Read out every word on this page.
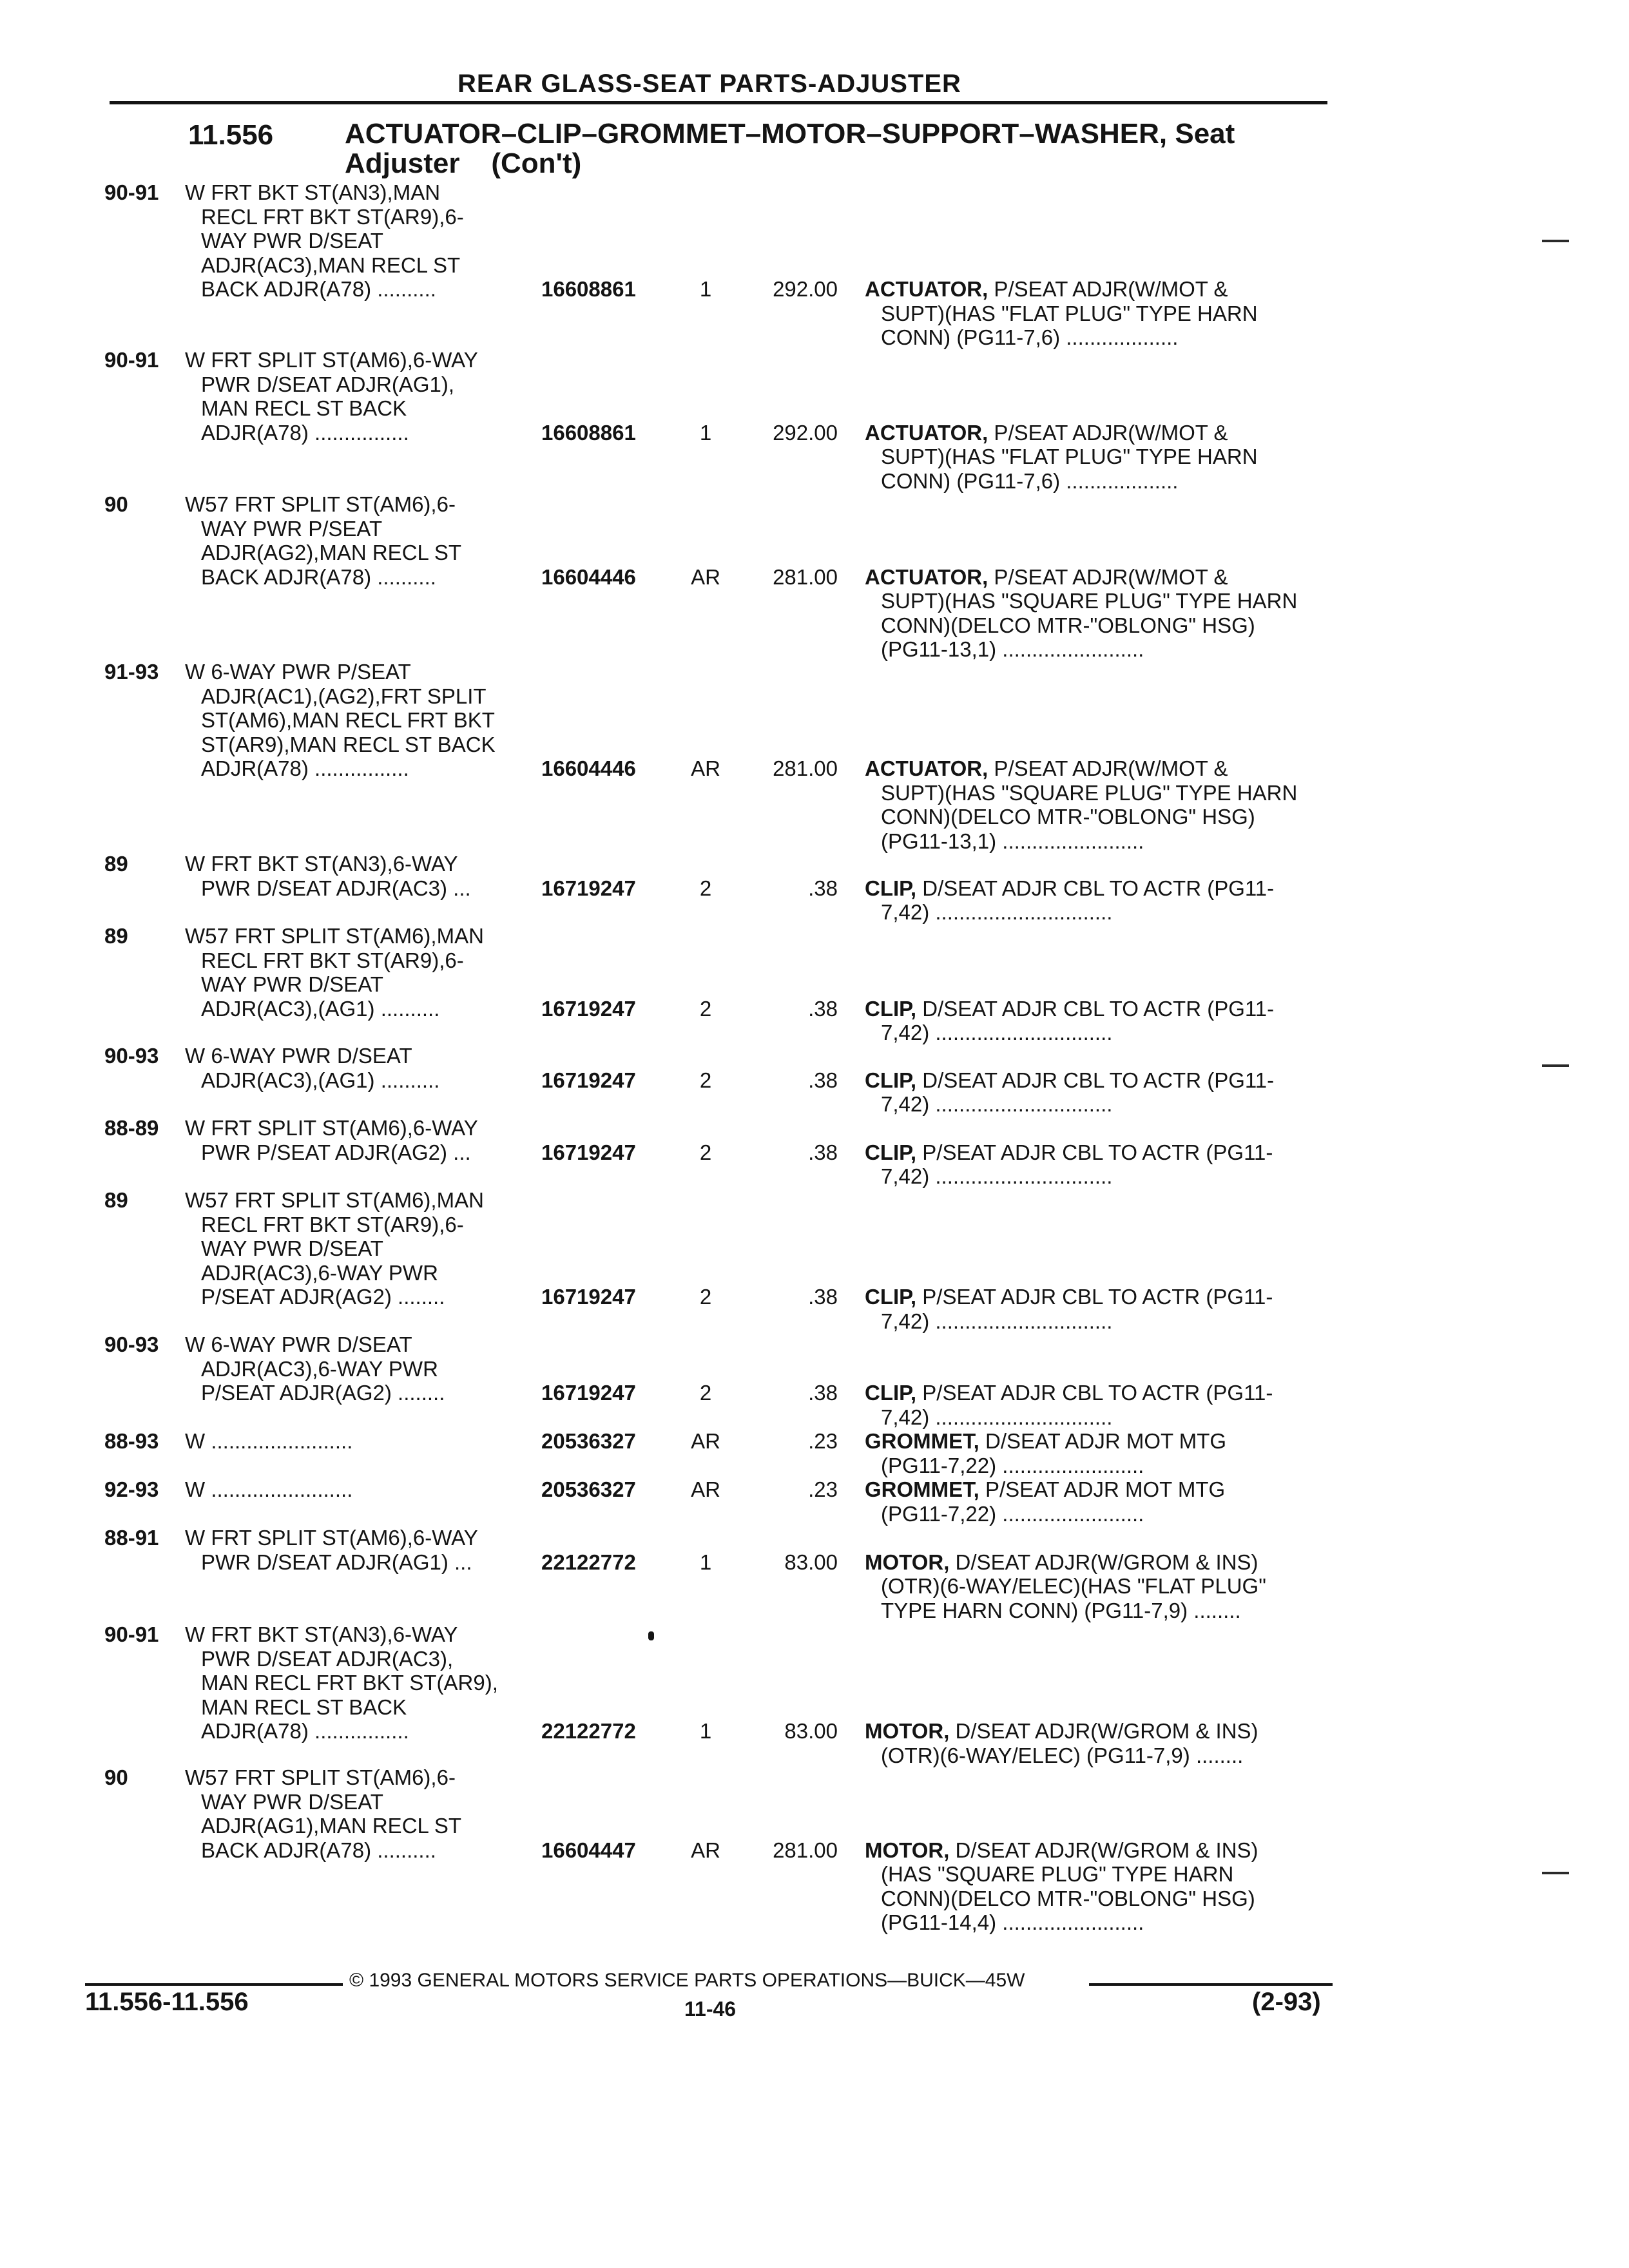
REAR GLASS-SEAT PARTS-ADJUSTER
11.556	ACTUATOR–CLIP–GROMMET–MOTOR–SUPPORT–WASHER, Seat
Adjuster    (Con't)
90-91 W FRT BKT ST(AN3),MAN
RECL FRT BKT ST(AR9),6-
WAY PWR D/SEAT
ADJR(AC3),MAN RECL ST
BACK ADJR(A78) ..........	16608861	1	292.00 ACTUATOR, P/SEAT ADJR(W/MOT &
SUPT)(HAS "FLAT PLUG" TYPE HARN
CONN) (PG11-7,6) ...................
90-91 W FRT SPLIT ST(AM6),6-WAY
PWR D/SEAT ADJR(AG1),
MAN RECL ST BACK
ADJR(A78) ................	16608861	1	292.00 ACTUATOR, P/SEAT ADJR(W/MOT &
SUPT)(HAS "FLAT PLUG" TYPE HARN
CONN) (PG11-7,6) ...................
90	W57 FRT SPLIT ST(AM6),6-
WAY PWR P/SEAT
ADJR(AG2),MAN RECL ST
BACK ADJR(A78) ..........	16604446	AR	281.00 ACTUATOR, P/SEAT ADJR(W/MOT &
SUPT)(HAS "SQUARE PLUG" TYPE HARN
CONN)(DELCO MTR-"OBLONG" HSG)
(PG11-13,1) ........................
91-93 W 6-WAY PWR P/SEAT
ADJR(AC1),(AG2),FRT SPLIT
ST(AM6),MAN RECL FRT BKT
ST(AR9),MAN RECL ST BACK
ADJR(A78) ................	16604446	AR	281.00 ACTUATOR, P/SEAT ADJR(W/MOT &
SUPT)(HAS "SQUARE PLUG" TYPE HARN
CONN)(DELCO MTR-"OBLONG" HSG)
(PG11-13,1) ........................
89	W FRT BKT ST(AN3),6-WAY
PWR D/SEAT ADJR(AC3) ...	16719247	2	.38 CLIP, D/SEAT ADJR CBL TO ACTR (PG11-
7,42) ..............................
89	W57 FRT SPLIT ST(AM6),MAN
RECL FRT BKT ST(AR9),6-
WAY PWR D/SEAT
ADJR(AC3),(AG1) ..........	16719247	2	.38 CLIP, D/SEAT ADJR CBL TO ACTR (PG11-
7,42) ..............................
90-93 W 6-WAY PWR D/SEAT
ADJR(AC3),(AG1) ..........	16719247	2	.38 CLIP, D/SEAT ADJR CBL TO ACTR (PG11-
7,42) ..............................
88-89 W FRT SPLIT ST(AM6),6-WAY
PWR P/SEAT ADJR(AG2) ...	16719247	2	.38 CLIP, P/SEAT ADJR CBL TO ACTR (PG11-
7,42) ..............................
89	W57 FRT SPLIT ST(AM6),MAN
RECL FRT BKT ST(AR9),6-
WAY PWR D/SEAT
ADJR(AC3),6-WAY PWR
P/SEAT ADJR(AG2) ........	16719247	2	.38 CLIP, P/SEAT ADJR CBL TO ACTR (PG11-
7,42) ..............................
90-93 W 6-WAY PWR D/SEAT
ADJR(AC3),6-WAY PWR
P/SEAT ADJR(AG2) ........	16719247	2	.38 CLIP, P/SEAT ADJR CBL TO ACTR (PG11-
7,42) ..............................
88-93 W ........................	20536327	AR	.23 GROMMET, D/SEAT ADJR MOT MTG
(PG11-7,22) ........................
92-93 W ........................	20536327	AR	.23 GROMMET, P/SEAT ADJR MOT MTG
(PG11-7,22) ........................
88-91 W FRT SPLIT ST(AM6),6-WAY
PWR D/SEAT ADJR(AG1) ...	22122772	1	83.00 MOTOR, D/SEAT ADJR(W/GROM & INS)
(OTR)(6-WAY/ELEC)(HAS "FLAT PLUG"
TYPE HARN CONN) (PG11-7,9) ........
90-91 W FRT BKT ST(AN3),6-WAY
PWR D/SEAT ADJR(AC3),
MAN RECL FRT BKT ST(AR9),
MAN RECL ST BACK
ADJR(A78) ................	22122772	1	83.00 MOTOR, D/SEAT ADJR(W/GROM & INS)
(OTR)(6-WAY/ELEC) (PG11-7,9) ........
90	W57 FRT SPLIT ST(AM6),6-
WAY PWR D/SEAT
ADJR(AG1),MAN RECL ST
BACK ADJR(A78) ..........	16604447	AR	281.00 MOTOR, D/SEAT ADJR(W/GROM & INS)
(HAS "SQUARE PLUG" TYPE HARN
CONN)(DELCO MTR-"OBLONG" HSG)
(PG11-14,4) ........................
© 1993 GENERAL MOTORS SERVICE PARTS OPERATIONS—BUICK—45W
11.556-11.556	11-46	(2-93)
